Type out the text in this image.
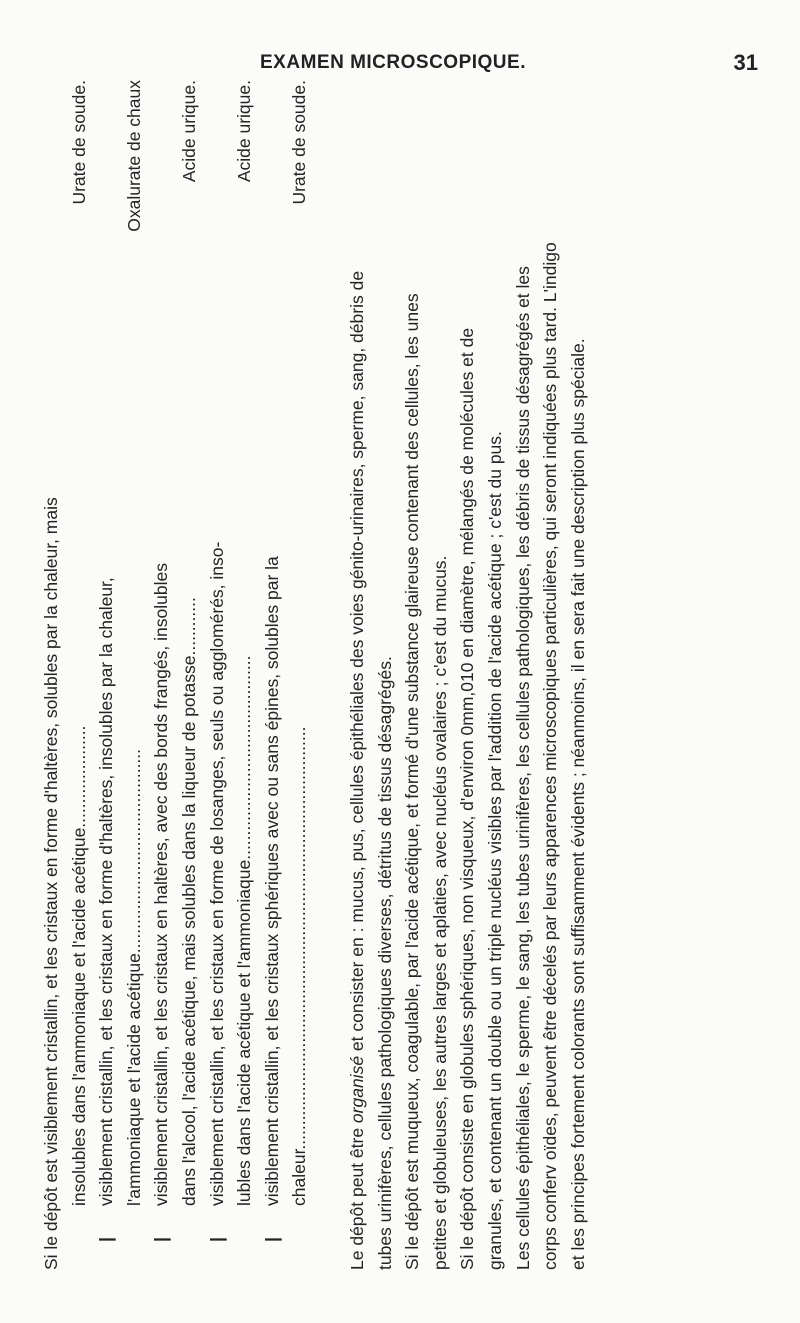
EXAMEN MICROSCOPIQUE.	31
Si le dépôt est visiblement cristallin, et les cristaux en forme d'haltères, solubles par la chaleur, mais insolubles dans l'ammoniaque et l'acide acétique.....................
Urate de soude.
|
visiblement cristallin, et les cristaux en forme d'haltères, insolubles par la chaleur, l'ammoniaque et l'acide acétique..........................................
Oxalurate de chaux
|
visiblement cristallin, et les cristaux en haltères, avec des bords frangés, insolubles dans l'alcool, l'acide acétique, mais solubles dans la liqueur de potasse............
Acide urique.
|
visiblement cristallin, et les cristaux en forme de losanges, seuls ou agglomérés, inso- lubles dans l'acide acétique et l'ammoniaque..........................................
Acide urique.
|
visiblement cristallin, et les cristaux sphériques avec ou sans épines, solubles par la chaleur.......................................................................................
Urate de soude.
Le dépôt peut être organisé et consister en : mucus, pus, cellules épithéliales des voies génito-urinaires, sperme, sang, débris de tubes urinifères, cellules pathologiques diverses, détritus de tissus désagrégés. Si le dépôt est muqueux, coagulable, par l'acide acétique, et formé d'une substance glaireuse contenant des cellules, les unes petites et globuleuses, les autres larges et aplaties, avec nucléus ovalaires ; c'est du mucus. Si le dépôt consiste en globules sphériques, non visqueux, d'environ 0mm,010 en diamètre, mélangés de molécules et de granules, et contenant un double ou un triple nucléus visibles par l'addition de l'acide acétique ; c'est du pus. Les cellules épithéliales, le sperme, le sang, les tubes urinifères, les cellules pathologiques, les débris de tissus désagrégés et les corps conferv oïdes, peuvent être décelés par leurs apparences microscopiques particulières, qui seront indiquées plus tard. L'indigo et les principes fortement colorants sont suffisamment évidents ; néanmoins, il en sera fait une description plus spéciale.
